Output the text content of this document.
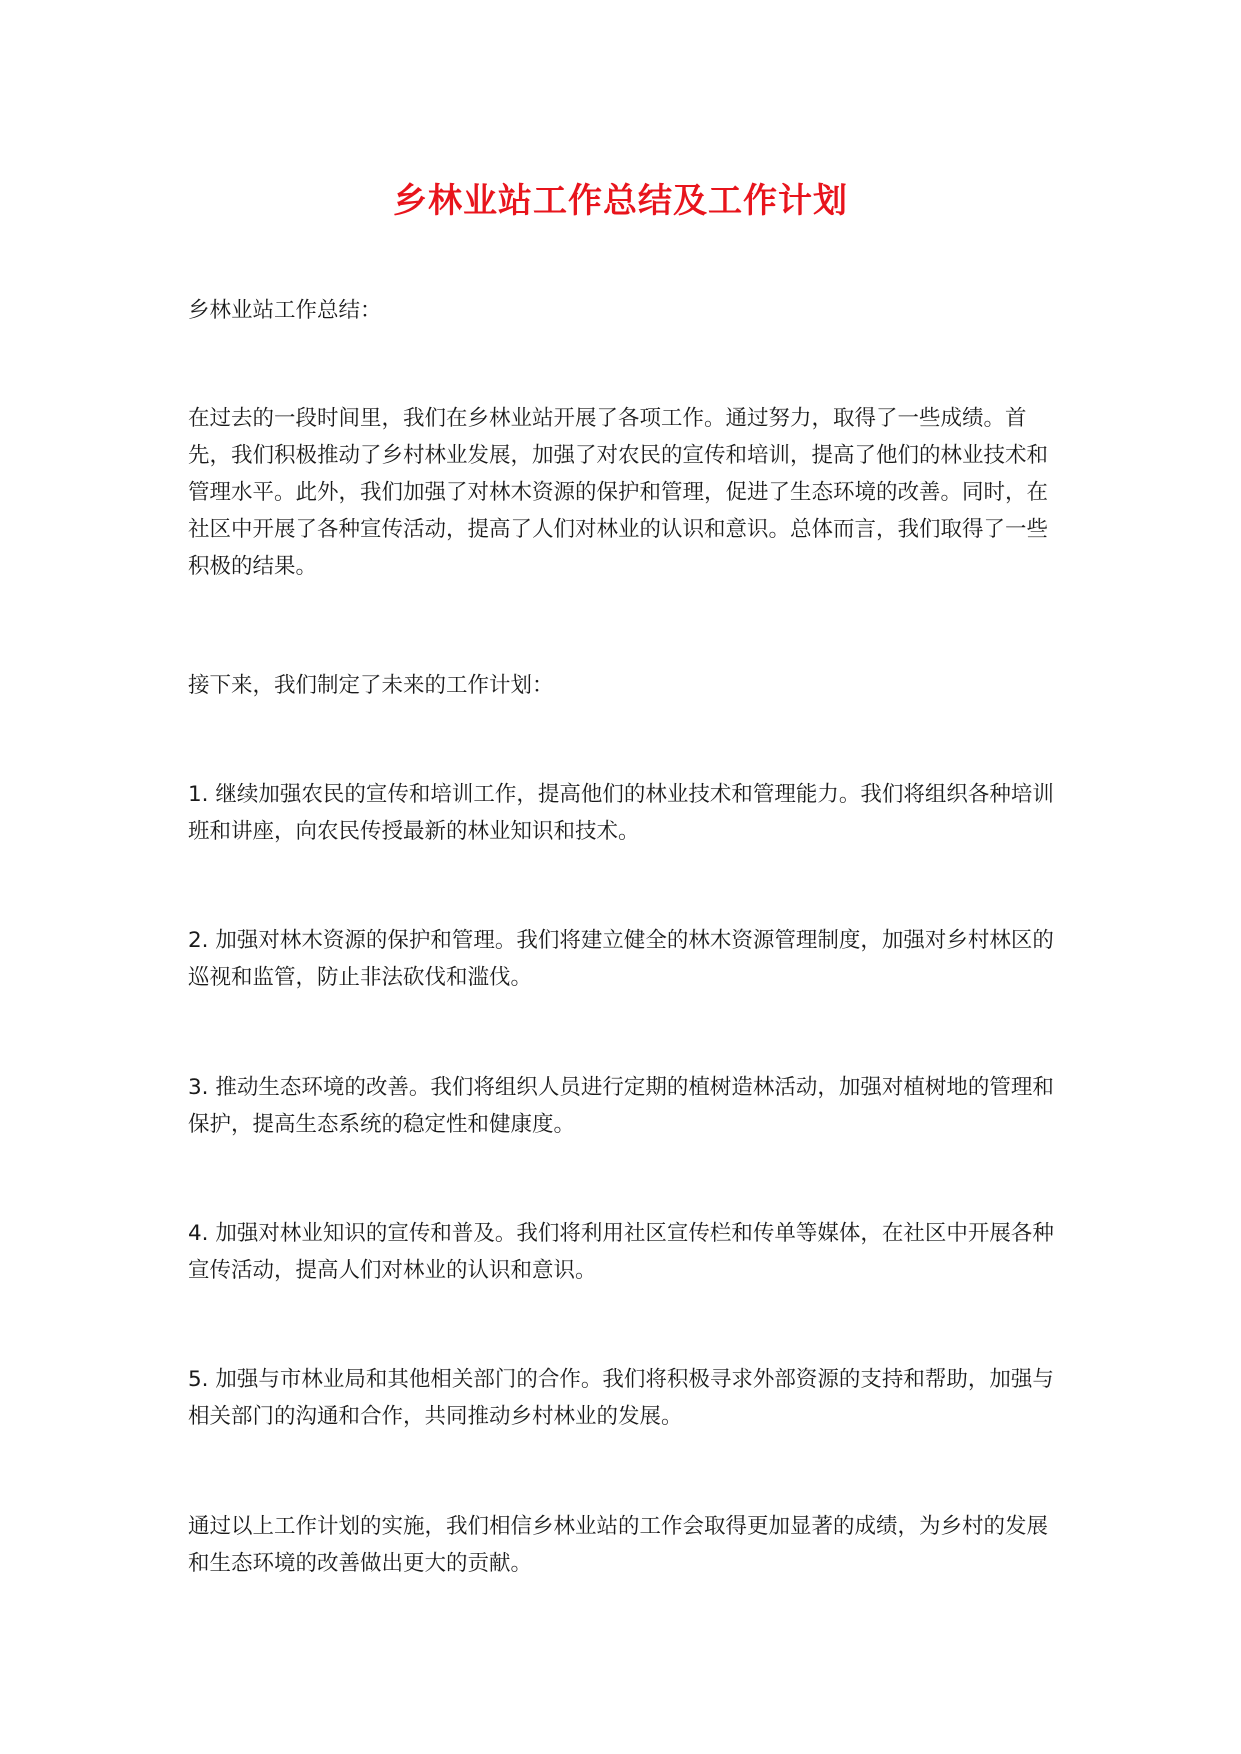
乡林业站工作总结及工作计划

乡林业站工作总结：

在过去的一段时间里，我们在乡林业站开展了各项工作。通过努力，取得了一些成绩。首先，我们积极推动了乡村林业发展，加强了对农民的宣传和培训，提高了他们的林业技术和管理水平。此外，我们加强了对林木资源的保护和管理，促进了生态环境的改善。同时，在社区中开展了各种宣传活动，提高了人们对林业的认识和意识。总体而言，我们取得了一些积极的结果。

接下来，我们制定了未来的工作计划：

1. 继续加强农民的宣传和培训工作，提高他们的林业技术和管理能力。我们将组织各种培训班和讲座，向农民传授最新的林业知识和技术。

2. 加强对林木资源的保护和管理。我们将建立健全的林木资源管理制度，加强对乡村林区的巡视和监管，防止非法砍伐和滥伐。

3. 推动生态环境的改善。我们将组织人员进行定期的植树造林活动，加强对植树地的管理和保护，提高生态系统的稳定性和健康度。

4. 加强对林业知识的宣传和普及。我们将利用社区宣传栏和传单等媒体，在社区中开展各种宣传活动，提高人们对林业的认识和意识。

5. 加强与市林业局和其他相关部门的合作。我们将积极寻求外部资源的支持和帮助，加强与相关部门的沟通和合作，共同推动乡村林业的发展。

通过以上工作计划的实施，我们相信乡林业站的工作会取得更加显著的成绩，为乡村的发展和生态环境的改善做出更大的贡献。
